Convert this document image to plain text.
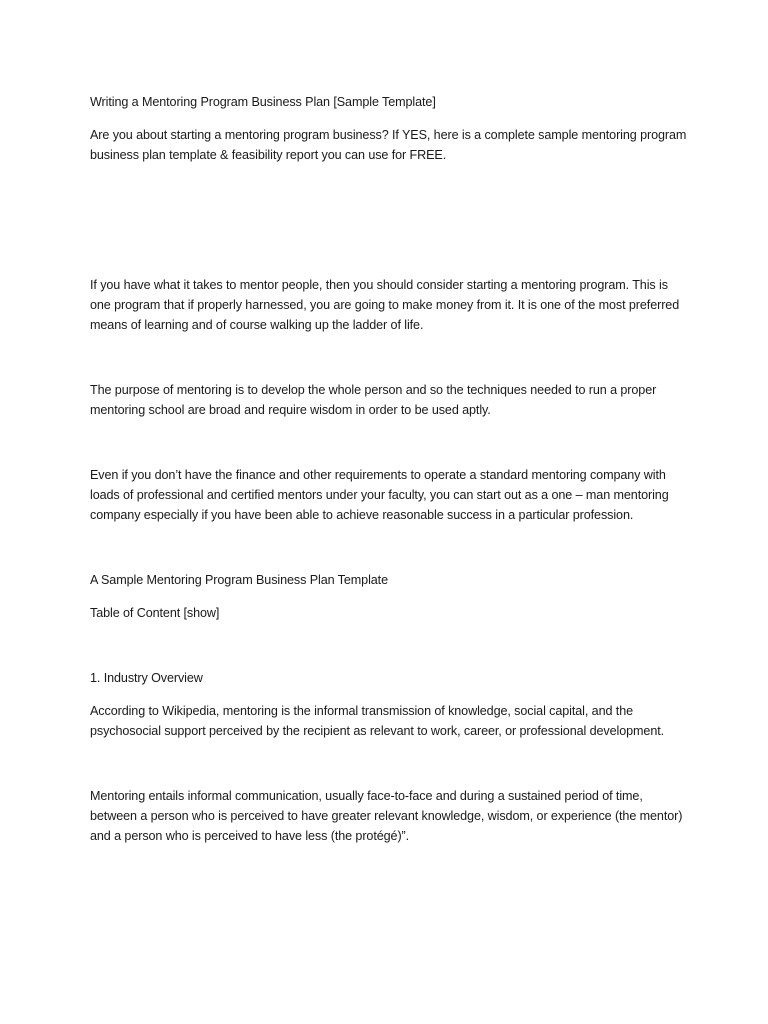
Writing a Mentoring Program Business Plan [Sample Template]

Are you about starting a mentoring program business? If YES, here is a complete sample mentoring program business plan template & feasibility report you can use for FREE.

If you have what it takes to mentor people, then you should consider starting a mentoring program. This is one program that if properly harnessed, you are going to make money from it. It is one of the most preferred means of learning and of course walking up the ladder of life.

The purpose of mentoring is to develop the whole person and so the techniques needed to run a proper mentoring school are broad and require wisdom in order to be used aptly.

Even if you don’t have the finance and other requirements to operate a standard mentoring company with loads of professional and certified mentors under your faculty, you can start out as a one – man mentoring company especially if you have been able to achieve reasonable success in a particular profession.

A Sample Mentoring Program Business Plan Template

Table of Content [show]

1. Industry Overview

According to Wikipedia, mentoring is the informal transmission of knowledge, social capital, and the psychosocial support perceived by the recipient as relevant to work, career, or professional development.

Mentoring entails informal communication, usually face-to-face and during a sustained period of time, between a person who is perceived to have greater relevant knowledge, wisdom, or experience (the mentor) and a person who is perceived to have less (the protégé)”.
